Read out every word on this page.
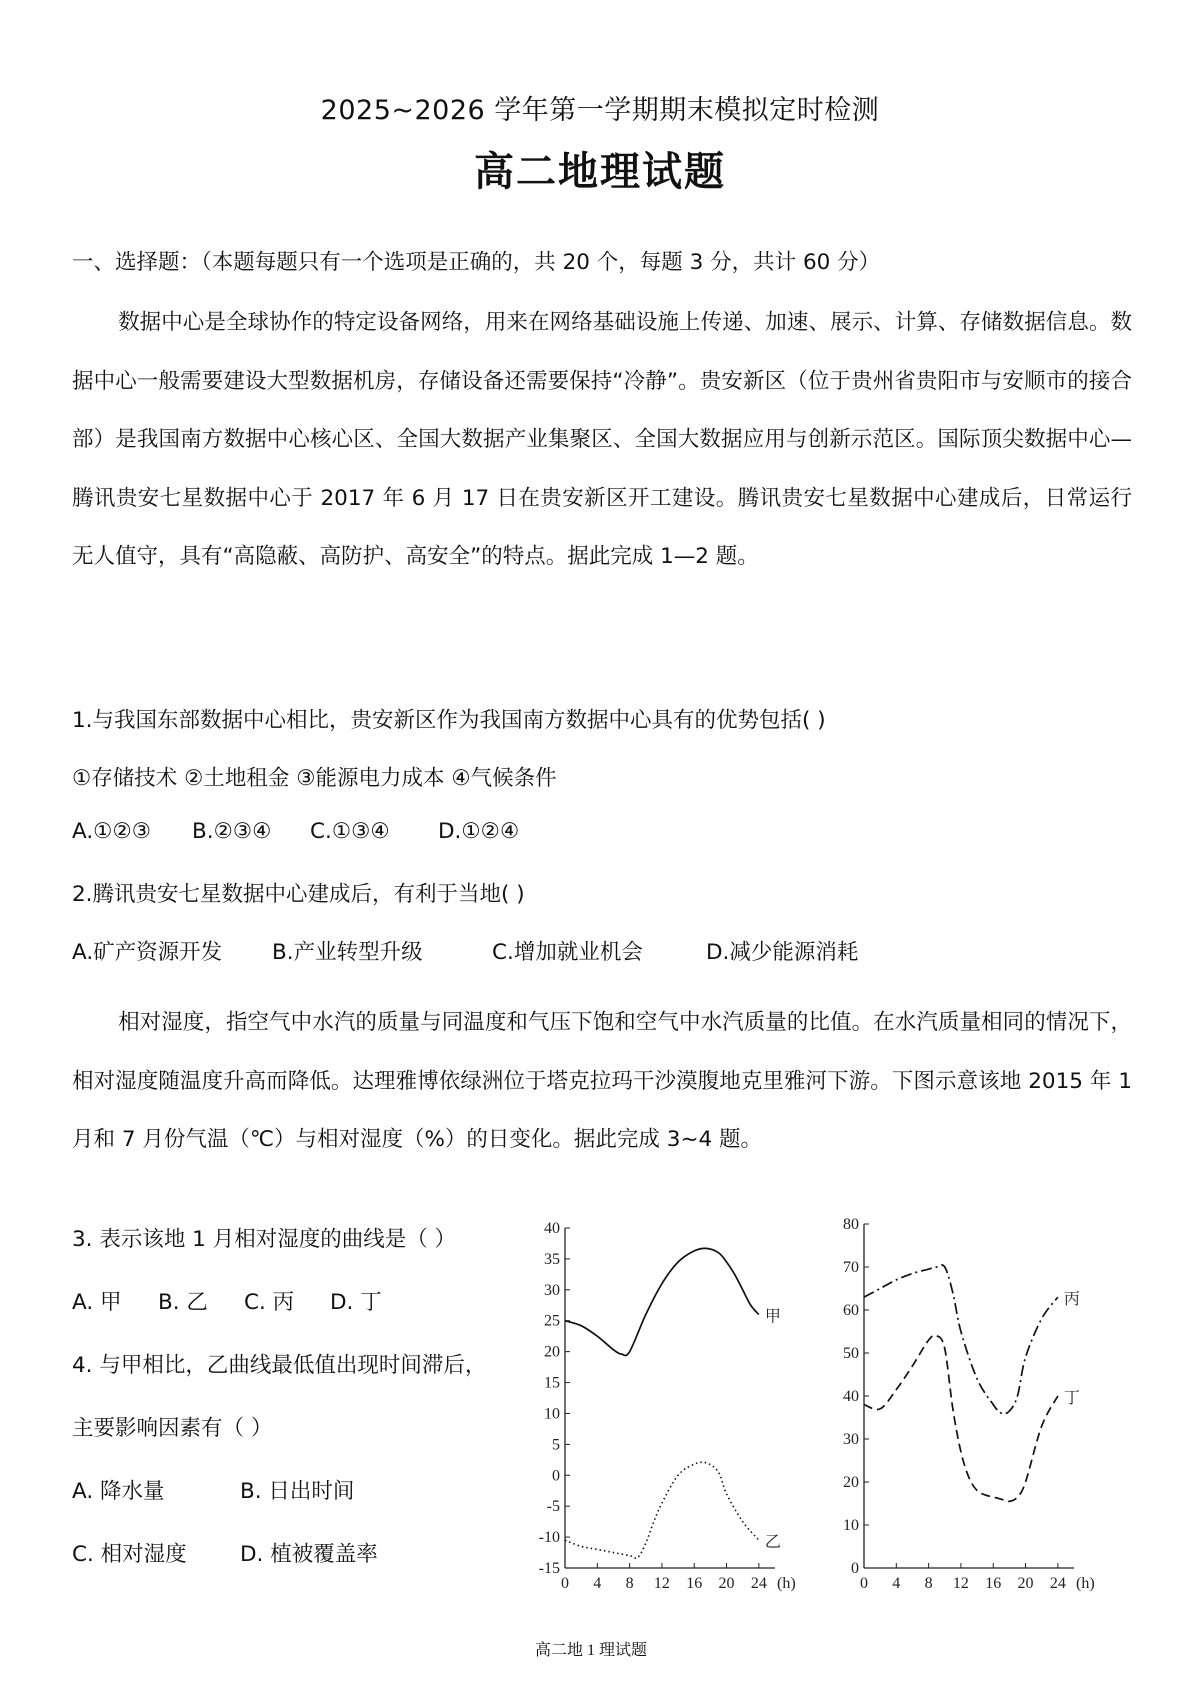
2025~2026 学年第一学期期末模拟定时检测
高二地理试题
一、选择题：（本题每题只有一个选项是正确的，共 20 个，每题 3 分，共计 60 分）
数据中心是全球协作的特定设备网络，用来在网络基础设施上传递、加速、展示、计算、存储数据信息。数据中心一般需要建设大型数据机房，存储设备还需要保持“冷静”。贵安新区（位于贵州省贵阳市与安顺市的接合部）是我国南方数据中心核心区、全国大数据产业集聚区、全国大数据应用与创新示范区。国际顶尖数据中心—腾讯贵安七星数据中心于 2017 年 6 月 17 日在贵安新区开工建设。腾讯贵安七星数据中心建成后，日常运行无人值守，具有“高隐蔽、高防护、高安全”的特点。据此完成 1—2 题。
1.与我国东部数据中心相比，贵安新区作为我国南方数据中心具有的优势包括( )
①存储技术 ②土地租金 ③能源电力成本 ④气候条件
A.①②③ B.②③④ C.①③④ D.①②④
2.腾讯贵安七星数据中心建成后，有利于当地( )
A.矿产资源开发 B.产业转型升级	C.增加就业机会	D.减少能源消耗
相对湿度，指空气中水汽的质量与同温度和气压下饱和空气中水汽质量的比值。在水汽质量相同的情况下，相对湿度随温度升高而降低。达理雅博依绿洲位于塔克拉玛干沙漠腹地克里雅河下游。下图示意该地 2015 年 1 月和 7 月份气温（℃）与相对湿度（%）的日变化。据此完成 3~4 题。
3. 表示该地 1 月相对湿度的曲线是（ ）
A. 甲 B. 乙 C. 丙 D. 丁
4. 与甲相比，乙曲线最低值出现时间滞后，
主要影响因素有（ ）
A. 降水量	B. 日出时间
C. 相对湿度 D. 植被覆盖率
-15
-10
-5
0
5
10
15
20
25
30
35
40
0 4 8 12 16 20 24 (h)
甲
乙
0
10
20
30
40
50
60
70
80
0 4 8 12 16 20 24 (h)
丙
丁
高二地 1 理试题
